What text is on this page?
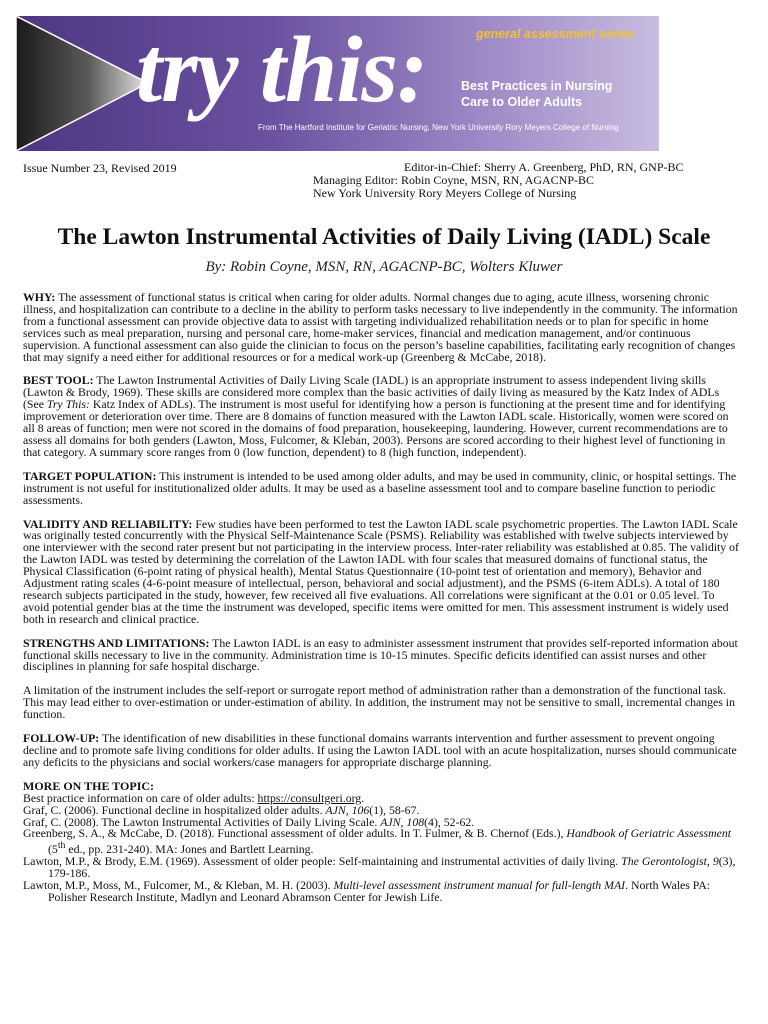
general assessment series
try this:	Best Practices in Nursing
Care to Older Adults
From The Hartford Institute for Geriatric Nursing, New York University Rory Meyers College of Nursing
Issue Number 23, Revised 2019	Editor-in-Chief: Sherry A. Greenberg, PhD, RN, GNP-BC
Managing Editor: Robin Coyne, MSN, RN, AGACNP-BC
New York University Rory Meyers College of Nursing
The Lawton Instrumental Activities of Daily Living (IADL) Scale
By: Robin Coyne, MSN, RN, AGACNP-BC, Wolters Kluwer

WHY: The assessment of functional status is critical when caring for older adults. Normal changes due to aging, acute illness, worsening chronic illness, and hospitalization can contribute to a decline in the ability to perform tasks necessary to live independently in the community. The information from a functional assessment can provide objective data to assist with targeting individualized rehabilitation needs or to plan for specific in home services such as meal preparation, nursing and personal care, home-maker services, financial and medication management, and/or continuous supervision. A functional assessment can also guide the clinician to focus on the person’s baseline capabilities, facilitating early recognition of changes that may signify a need either for additional resources or for a medical work-up (Greenberg & McCabe, 2018).

BEST TOOL: The Lawton Instrumental Activities of Daily Living Scale (IADL) is an appropriate instrument to assess independent living skills (Lawton & Brody, 1969). These skills are considered more complex than the basic activities of daily living as measured by the Katz Index of ADLs (See Try This: Katz Index of ADLs). The instrument is most useful for identifying how a person is functioning at the present time and for identifying improvement or deterioration over time. There are 8 domains of function measured with the Lawton IADL scale. Historically, women were scored on all 8 areas of function; men were not scored in the domains of food preparation, housekeeping, laundering. However, current recommendations are to assess all domains for both genders (Lawton, Moss, Fulcomer, & Kleban, 2003). Persons are scored according to their highest level of functioning in that category. A summary score ranges from 0 (low function, dependent) to 8 (high function, independent).

TARGET POPULATION: This instrument is intended to be used among older adults, and may be used in community, clinic, or hospital settings. The instrument is not useful for institutionalized older adults. It may be used as a baseline assessment tool and to compare baseline function to periodic assessments.

VALIDITY AND RELIABILITY: Few studies have been performed to test the Lawton IADL scale psychometric properties. The Lawton IADL Scale was originally tested concurrently with the Physical Self-Maintenance Scale (PSMS). Reliability was established with twelve subjects interviewed by one interviewer with the second rater present but not participating in the interview process. Inter-rater reliability was established at 0.85. The validity of the Lawton IADL was tested by determining the correlation of the Lawton IADL with four scales that measured domains of functional status, the Physical Classification (6-point rating of physical health), Mental Status Questionnaire (10-point test of orientation and memory), Behavior and Adjustment rating scales (4-6-point measure of intellectual, person, behavioral and social adjustment), and the PSMS (6-item ADLs). A total of 180 research subjects participated in the study, however, few received all five evaluations. All correlations were significant at the 0.01 or 0.05 level. To avoid potential gender bias at the time the instrument was developed, specific items were omitted for men. This assessment instrument is widely used both in research and clinical practice.

STRENGTHS AND LIMITATIONS: The Lawton IADL is an easy to administer assessment instrument that provides self-reported information about functional skills necessary to live in the community. Administration time is 10-15 minutes. Specific deficits identified can assist nurses and other disciplines in planning for safe hospital discharge.

A limitation of the instrument includes the self-report or surrogate report method of administration rather than a demonstration of the functional task. This may lead either to over-estimation or under-estimation of ability. In addition, the instrument may not be sensitive to small, incremental changes in function.

FOLLOW-UP: The identification of new disabilities in these functional domains warrants intervention and further assessment to prevent ongoing decline and to promote safe living conditions for older adults. If using the Lawton IADL tool with an acute hospitalization, nurses should communicate any deficits to the physicians and social workers/case managers for appropriate discharge planning.

MORE ON THE TOPIC:
Best practice information on care of older adults: https://consultgeri.org.
Graf, C. (2006). Functional decline in hospitalized older adults. AJN, 106(1), 58-67.
Graf, C. (2008). The Lawton Instrumental Activities of Daily Living Scale. AJN, 108(4), 52-62.
Greenberg, S. A., & McCabe, D. (2018). Functional assessment of older adults. In T. Fulmer, & B. Chernof (Eds.), Handbook of Geriatric Assessment (5th ed., pp. 231-240). MA: Jones and Bartlett Learning.
Lawton, M.P., & Brody, E.M. (1969). Assessment of older people: Self-maintaining and instrumental activities of daily living. The Gerontologist, 9(3), 179-186.
Lawton, M.P., Moss, M., Fulcomer, M., & Kleban, M. H. (2003). Multi-level assessment instrument manual for full-length MAI. North Wales PA: Polisher Research Institute, Madlyn and Leonard Abramson Center for Jewish Life.
